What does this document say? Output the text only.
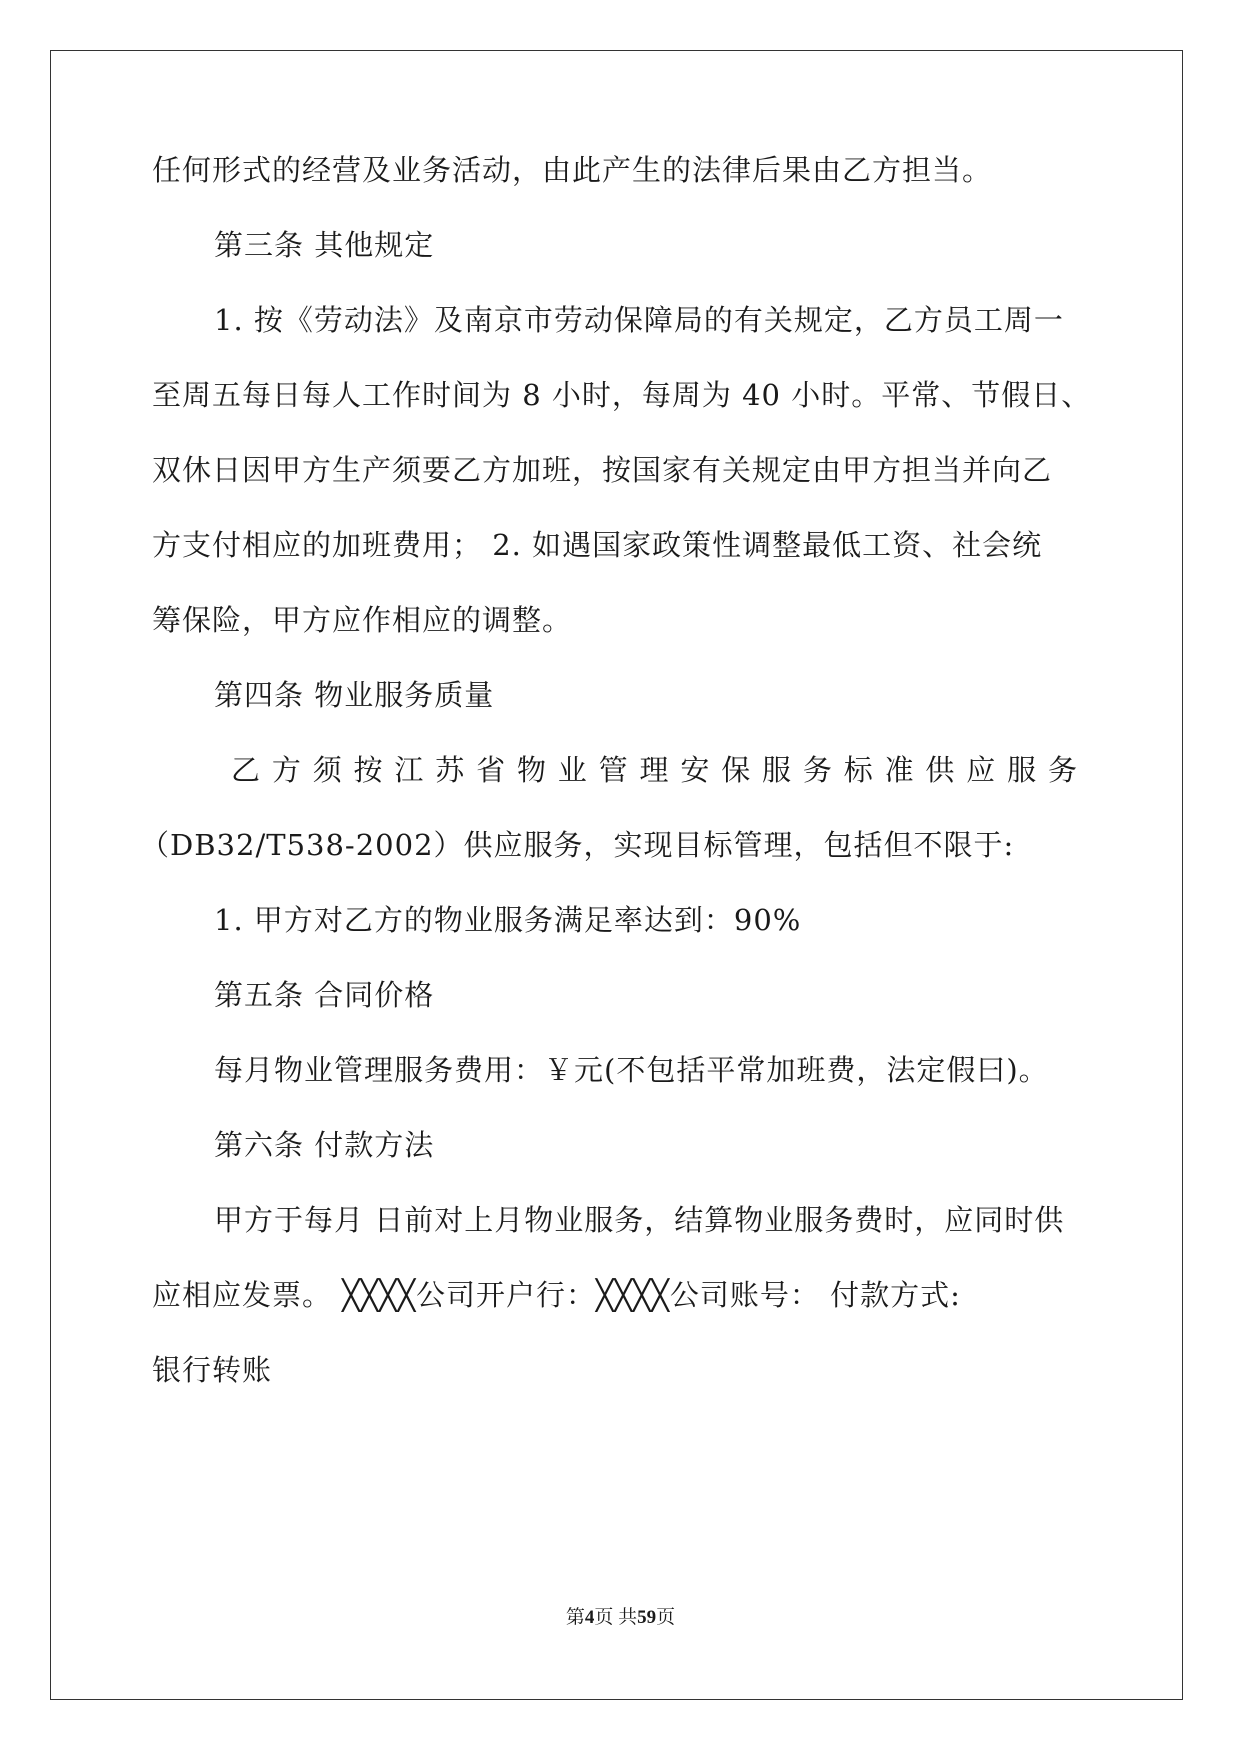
任何形式的经营及业务活动，由此产生的法律后果由乙方担当。
第三条 其他规定
1. 按《劳动法》及南京市劳动保障局的有关规定，乙方员工周一
至周五每日每人工作时间为 8 小时，每周为 40 小时。平常、节假日、
双休日因甲方生产须要乙方加班，按国家有关规定由甲方担当并向乙
方支付相应的加班费用； 2. 如遇国家政策性调整最低工资、社会统
筹保险，甲方应作相应的调整。
第四条 物业服务质量
乙方须按江苏省物业管理安保服务标准供应服务
（DB32/T538-2002）供应服务，实现目标管理，包括但不限于:
1. 甲方对乙方的物业服务满足率达到：90%
第五条 合同价格
每月物业管理服务费用：￥元(不包括平常加班费，法定假曰)。
第六条 付款方法
甲方于每月 日前对上月物业服务，结算物业服务费时，应同时供
应相应发票。 ╳╳╳╳公司开户行：╳╳╳╳公司账号： 付款方式:
银行转账
第4页 共59页
